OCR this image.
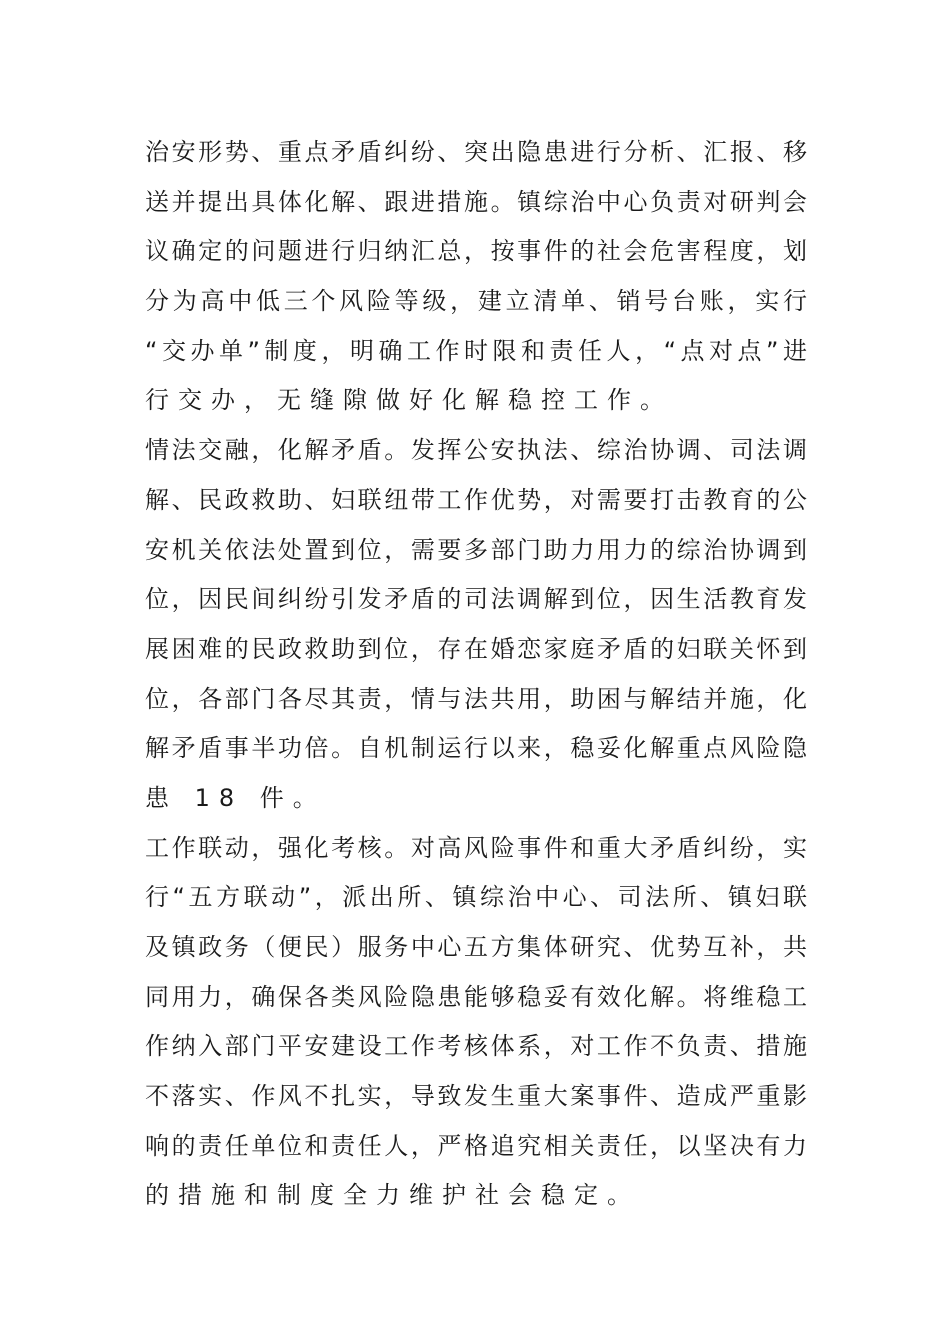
治安形势、重点矛盾纠纷、突出隐患进行分析、汇报、移
送并提出具体化解、跟进措施。镇综治中心负责对研判会
议确定的问题进行归纳汇总，按事件的社会危害程度，划
分为高中低三个风险等级，建立清单、销号台账，实行
“交办单”制度，明确工作时限和责任人，“点对点”进
行交办，无缝隙做好化解稳控工作。
情法交融，化解矛盾。发挥公安执法、综治协调、司法调
解、民政救助、妇联纽带工作优势，对需要打击教育的公
安机关依法处置到位，需要多部门助力用力的综治协调到
位，因民间纠纷引发矛盾的司法调解到位，因生活教育发
展困难的民政救助到位，存在婚恋家庭矛盾的妇联关怀到
位，各部门各尽其责，情与法共用，助困与解结并施，化
解矛盾事半功倍。自机制运行以来，稳妥化解重点风险隐
患 18 件。
工作联动，强化考核。对高风险事件和重大矛盾纠纷，实
行“五方联动”，派出所、镇综治中心、司法所、镇妇联
及镇政务（便民）服务中心五方集体研究、优势互补，共
同用力，确保各类风险隐患能够稳妥有效化解。将维稳工
作纳入部门平安建设工作考核体系，对工作不负责、措施
不落实、作风不扎实，导致发生重大案事件、造成严重影
响的责任单位和责任人，严格追究相关责任，以坚决有力
的措施和制度全力维护社会稳定。
